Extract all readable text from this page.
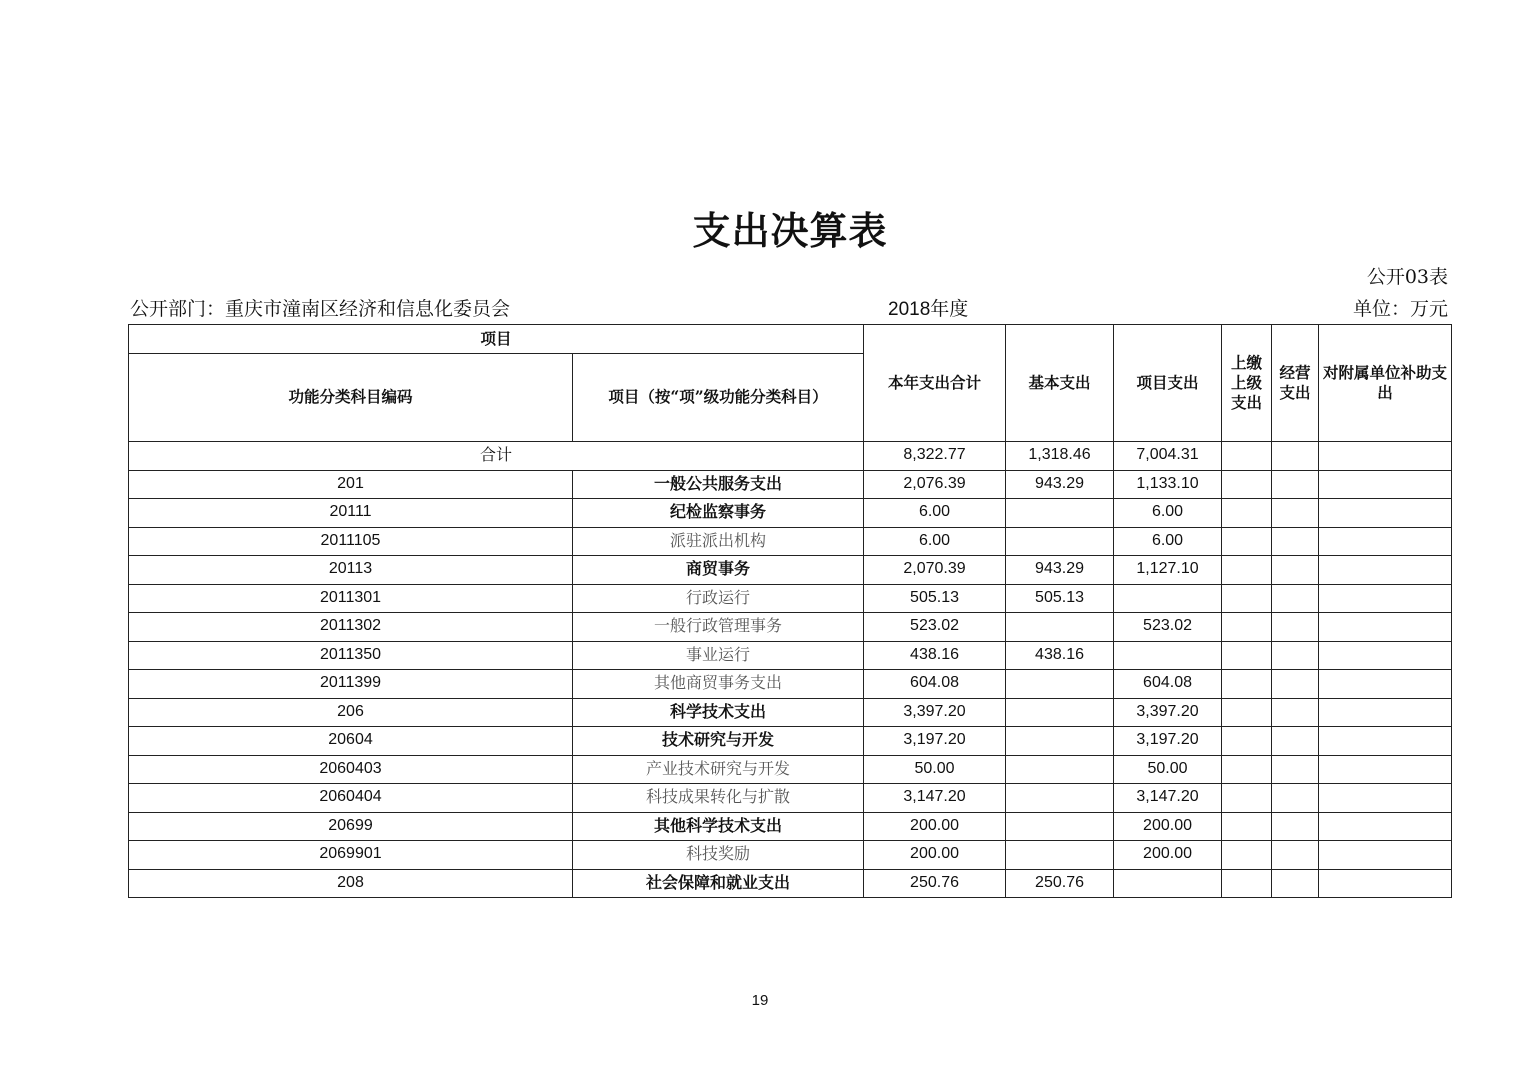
支出决算表
公开03表
公开部门：重庆市潼南区经济和信息化委员会	2018年度	单位：万元
项目		本年支出合计	基本支出	项目支出	上缴上级支出	经营支出	对附属单位补助支出
功能分类科目编码	项目（按“项”级功能分类科目）						
合计		8,322.77	1,318.46	7,004.31			
201	一般公共服务支出	2,076.39	943.29	1,133.10			
20111	纪检监察事务	6.00		6.00			
2011105	派驻派出机构	6.00		6.00			
20113	商贸事务	2,070.39	943.29	1,127.10			
2011301	行政运行	505.13	505.13				
2011302	一般行政管理事务	523.02		523.02			
2011350	事业运行	438.16	438.16				
2011399	其他商贸事务支出	604.08		604.08			
206	科学技术支出	3,397.20		3,397.20			
20604	技术研究与开发	3,197.20		3,197.20			
2060403	产业技术研究与开发	50.00		50.00			
2060404	科技成果转化与扩散	3,147.20		3,147.20			
20699	其他科学技术支出	200.00		200.00			
2069901	科技奖励	200.00		200.00			
208	社会保障和就业支出	250.76	250.76				
19
